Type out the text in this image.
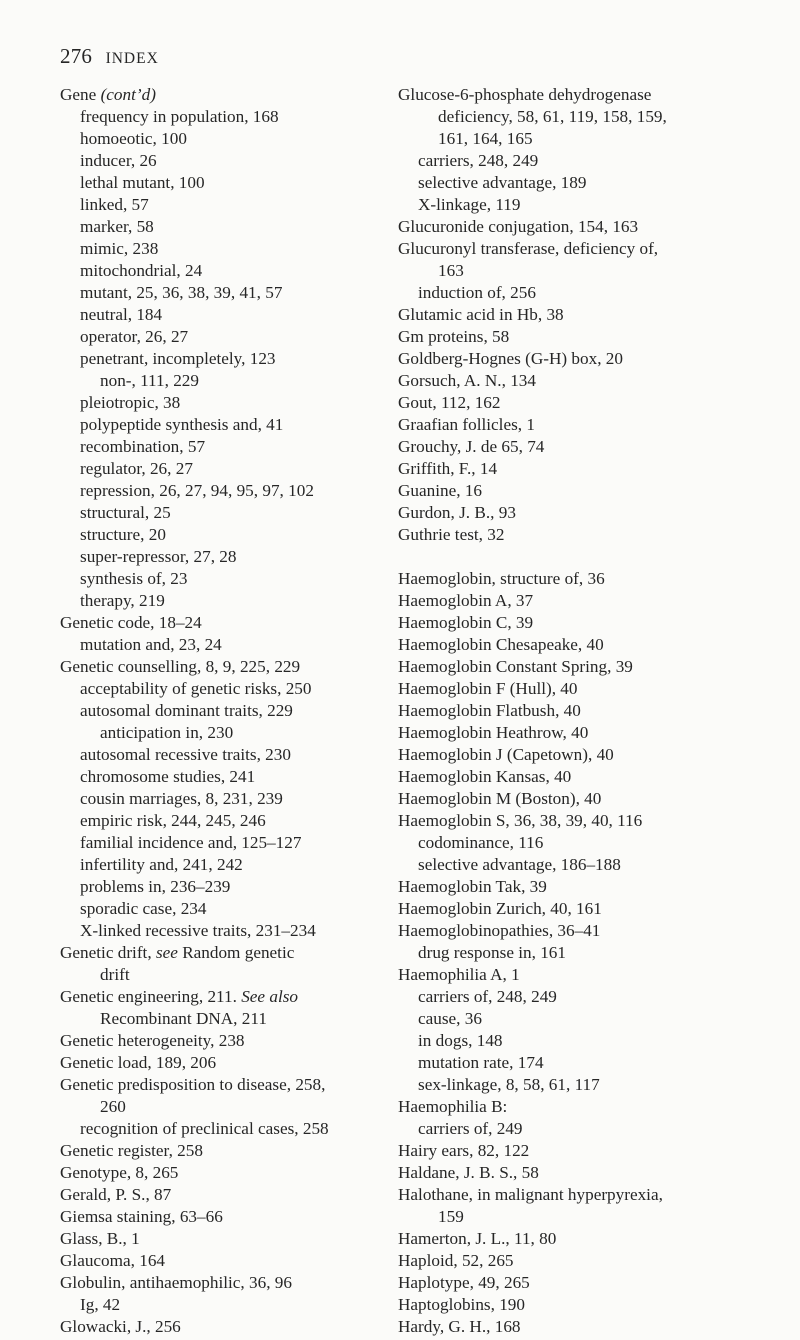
276 INDEX
Gene (cont’d)
frequency in population, 168
homoeotic, 100
inducer, 26
lethal mutant, 100
linked, 57
marker, 58
mimic, 238
mitochondrial, 24
mutant, 25, 36, 38, 39, 41, 57
neutral, 184
operator, 26, 27
penetrant, incompletely, 123
non-, 111, 229
pleiotropic, 38
polypeptide synthesis and, 41
recombination, 57
regulator, 26, 27
repression, 26, 27, 94, 95, 97, 102
structural, 25
structure, 20
super-repressor, 27, 28
synthesis of, 23
therapy, 219
Genetic code, 18–24
mutation and, 23, 24
Genetic counselling, 8, 9, 225, 229
acceptability of genetic risks, 250
autosomal dominant traits, 229
anticipation in, 230
autosomal recessive traits, 230
chromosome studies, 241
cousin marriages, 8, 231, 239
empiric risk, 244, 245, 246
familial incidence and, 125–127
infertility and, 241, 242
problems in, 236–239
sporadic case, 234
X-linked recessive traits, 231–234
Genetic drift, see Random genetic
drift
Genetic engineering, 211. See also
Recombinant DNA, 211
Genetic heterogeneity, 238
Genetic load, 189, 206
Genetic predisposition to disease, 258,
260
recognition of preclinical cases, 258
Genetic register, 258
Genotype, 8, 265
Gerald, P. S., 87
Giemsa staining, 63–66
Glass, B., 1
Glaucoma, 164
Globulin, antihaemophilic, 36, 96
Ig, 42
Glowacki, J., 256
Glucose-6-phosphate dehydrogenase
deficiency, 58, 61, 119, 158, 159,
161, 164, 165
carriers, 248, 249
selective advantage, 189
X-linkage, 119
Glucuronide conjugation, 154, 163
Glucuronyl transferase, deficiency of,
163
induction of, 256
Glutamic acid in Hb, 38
Gm proteins, 58
Goldberg-Hognes (G-H) box, 20
Gorsuch, A. N., 134
Gout, 112, 162
Graafian follicles, 1
Grouchy, J. de 65, 74
Griffith, F., 14
Guanine, 16
Gurdon, J. B., 93
Guthrie test, 32
Haemoglobin, structure of, 36
Haemoglobin A, 37
Haemoglobin C, 39
Haemoglobin Chesapeake, 40
Haemoglobin Constant Spring, 39
Haemoglobin F (Hull), 40
Haemoglobin Flatbush, 40
Haemoglobin Heathrow, 40
Haemoglobin J (Capetown), 40
Haemoglobin Kansas, 40
Haemoglobin M (Boston), 40
Haemoglobin S, 36, 38, 39, 40, 116
codominance, 116
selective advantage, 186–188
Haemoglobin Tak, 39
Haemoglobin Zurich, 40, 161
Haemoglobinopathies, 36–41
drug response in, 161
Haemophilia A, 1
carriers of, 248, 249
cause, 36
in dogs, 148
mutation rate, 174
sex-linkage, 8, 58, 61, 117
Haemophilia B:
carriers of, 249
Hairy ears, 82, 122
Haldane, J. B. S., 58
Halothane, in malignant hyperpyrexia,
159
Hamerton, J. L., 11, 80
Haploid, 52, 265
Haplotype, 49, 265
Haptoglobins, 190
Hardy, G. H., 168
